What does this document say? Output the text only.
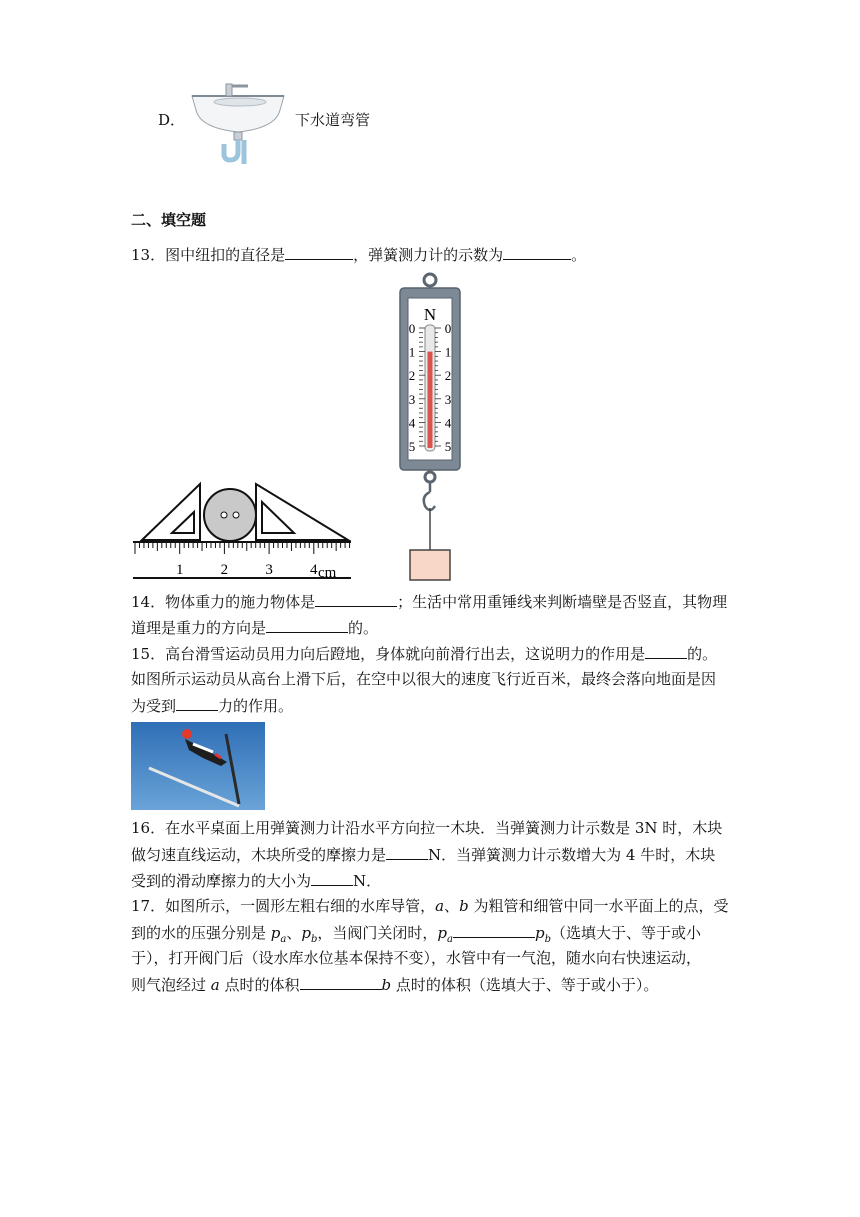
D．	下水道弯管
二、填空题
13．图中纽扣的直径是	，弹簧测力计的示数为	。
1 2 3 4 cm
N
0 0
1 1
2 2
3 3
4 4
5 5
14．物体重力的施力物体是	；生活中常用重锤线来判断墙壁是否竖直，其物理
道理是重力的方向是	的。
15．高台滑雪运动员用力向后蹬地，身体就向前滑行出去，这说明力的作用是	的。
如图所示运动员从高台上滑下后，在空中以很大的速度飞行近百米，最终会落向地面是因
为受到	力的作用。
16．在水平桌面上用弹簧测力计沿水平方向拉一木块．当弹簧测力计示数是 3N 时，木块
做匀速直线运动，木块所受的摩擦力是	N．当弹簧测力计示数增大为 4 牛时，木块
受到的滑动摩擦力的大小为	N．
17．如图所示，一圆形左粗右细的水库导管，a、b 为粗管和细管中同一水平面上的点，受
到的水的压强分别是 $p_a$、$p_b$，当阀门关闭时，$p_a$	$p_b$（选填大于、等于或小
于），打开阀门后（设水库水位基本保持不变），水管中有一气泡，随水向右快速运动，
则气泡经过 a 点时的体积	b 点时的体积（选填大于、等于或小于）。
